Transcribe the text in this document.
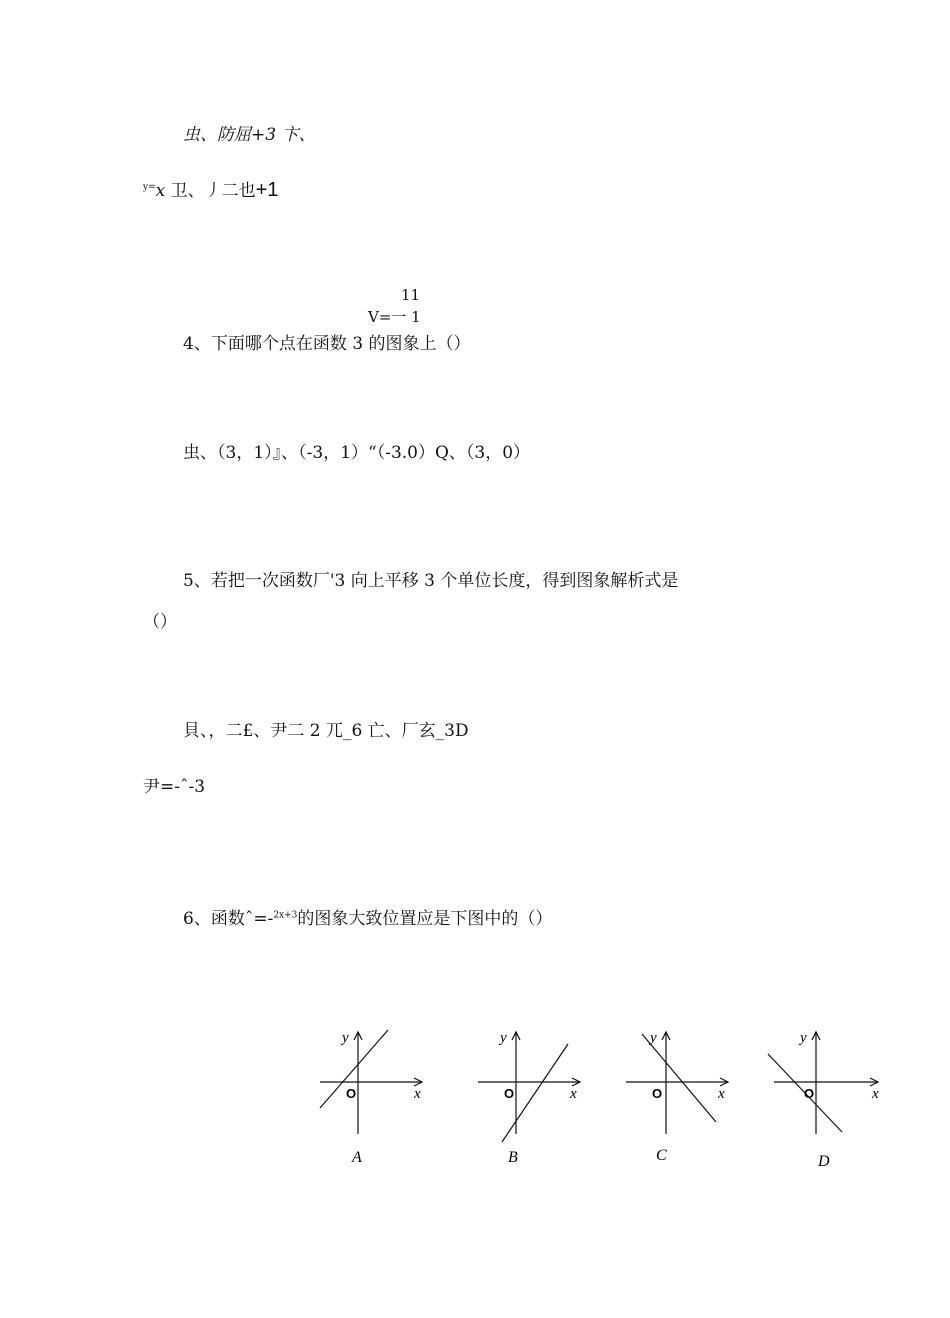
虫、防屈+3 卞、
$^{y=}$x 卫、丿二也+1
11
V=一 1
4、下面哪个点在函数 3 的图象上（）
虫、（3，1）』、（-3，1）“（-3.0）Q、（3，0）
5、若把一次函数厂'3 向上平移 3 个单位长度，得到图象解析式是
（）
貝、，二£、尹二 2 兀_6 亡、厂玄_3D
尹=-ˆ-3
6、函数ˆ=-$^{2x+3}$的图象大致位置应是下图中的（）
y
x
O
A
y
x
O
B
y
x
O
C
y
x
O
D
